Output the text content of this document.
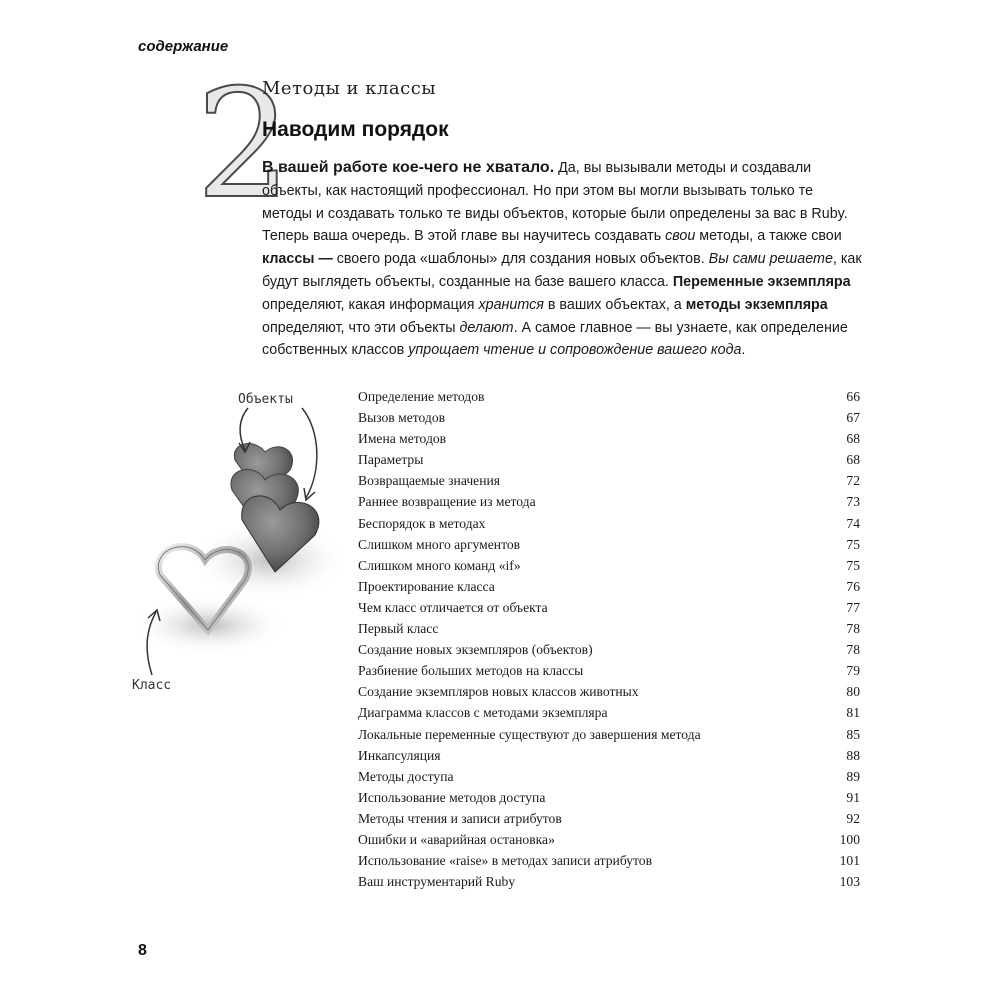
содержание
2
Методы и классы
Наводим порядок
В вашей работе кое-чего не хватало. Да, вы вызывали методы и создавали объекты, как настоящий профессионал. Но при этом вы могли вызывать только те методы и создавать только те виды объектов, которые были определены за вас в Ruby. Теперь ваша очередь. В этой главе вы научитесь создавать свои методы, а также свои классы — своего рода «шаблоны» для создания новых объектов. Вы сами решаете, как будут выглядеть объекты, созданные на базе вашего класса. Переменные экземпляра определяют, какая информация хранится в ваших объектах, а методы экземпляра определяют, что эти объекты делают. А самое главное — вы узнаете, как определение собственных классов упрощает чтение и сопровождение вашего кода.
Объекты
Класс
Определение методов	66
Вызов методов	67
Имена методов	68
Параметры	68
Возвращаемые значения	72
Раннее возвращение из метода	73
Беспорядок в методах	74
Слишком много аргументов	75
Слишком много команд «if»	75
Проектирование класса	76
Чем класс отличается от объекта	77
Первый класс	78
Создание новых экземпляров (объектов)	78
Разбиение больших методов на классы	79
Создание экземпляров новых классов животных	80
Диаграмма классов с методами экземпляра	81
Локальные переменные существуют до завершения метода	85
Инкапсуляция	88
Методы доступа	89
Использование методов доступа	91
Методы чтения и записи атрибутов	92
Ошибки и «аварийная остановка»	100
Использование «raise» в методах записи атрибутов	101
Ваш инструментарий Ruby	103
8
